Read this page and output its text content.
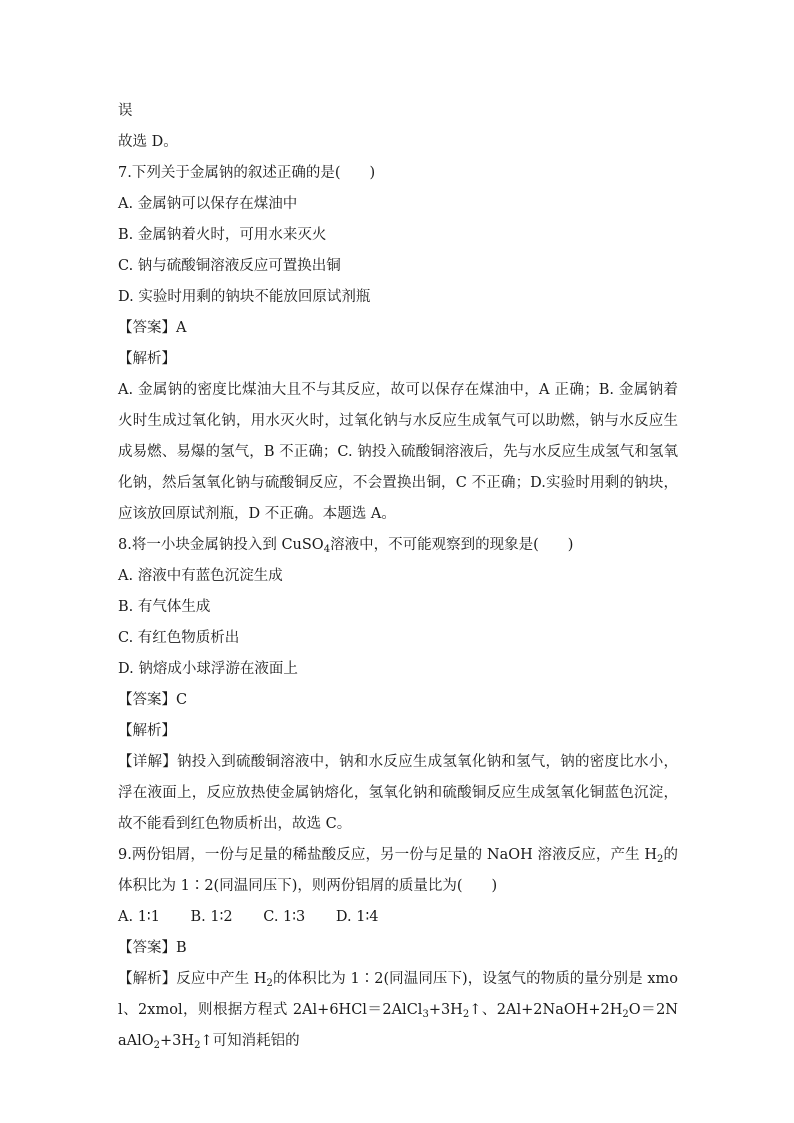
误
故选 D。
7.下列关于金属钠的叙述正确的是(　　)
A. 金属钠可以保存在煤油中
B. 金属钠着火时，可用水来灭火
C. 钠与硫酸铜溶液反应可置换出铜
D. 实验时用剩的钠块不能放回原试剂瓶
【答案】A
【解析】
A. 金属钠的密度比煤油大且不与其反应，故可以保存在煤油中，A 正确；B. 金属钠着火时生成过氧化钠，用水灭火时，过氧化钠与水反应生成氧气可以助燃，钠与水反应生成易燃、易爆的氢气，B 不正确；C. 钠投入硫酸铜溶液后，先与水反应生成氢气和氢氧化钠，然后氢氧化钠与硫酸铜反应，不会置换出铜，C 不正确；D.实验时用剩的钠块，应该放回原试剂瓶，D 不正确。本题选 A。
8.将一小块金属钠投入到 CuSO$_4$溶液中，不可能观察到的现象是(　　)
A. 溶液中有蓝色沉淀生成
B. 有气体生成
C. 有红色物质析出
D. 钠熔成小球浮游在液面上
【答案】C
【解析】
【详解】钠投入到硫酸铜溶液中，钠和水反应生成氢氧化钠和氢气，钠的密度比水小，浮在液面上，反应放热使金属钠熔化，氢氧化钠和硫酸铜反应生成氢氧化铜蓝色沉淀，故不能看到红色物质析出，故选 C。
9.两份铝屑，一份与足量的稀盐酸反应，另一份与足量的 NaOH 溶液反应，产生 $H_2$的体积比为 1∶2(同温同压下)，则两份铝屑的质量比为(　　)
A. 1∶1 B. 1∶2 C. 1∶3 D. 1∶4
【答案】B
【解析】反应中产生 $H_2$的体积比为 1∶2(同温同压下)，设氢气的物质的量分别是 xmol、2xmol，则根据方程式 $2Al+6HCl=2AlCl_3+3H_2↑$、$2Al+2NaOH+2H_2O=2NaAlO_2+3H_2↑$可知消耗铝的
